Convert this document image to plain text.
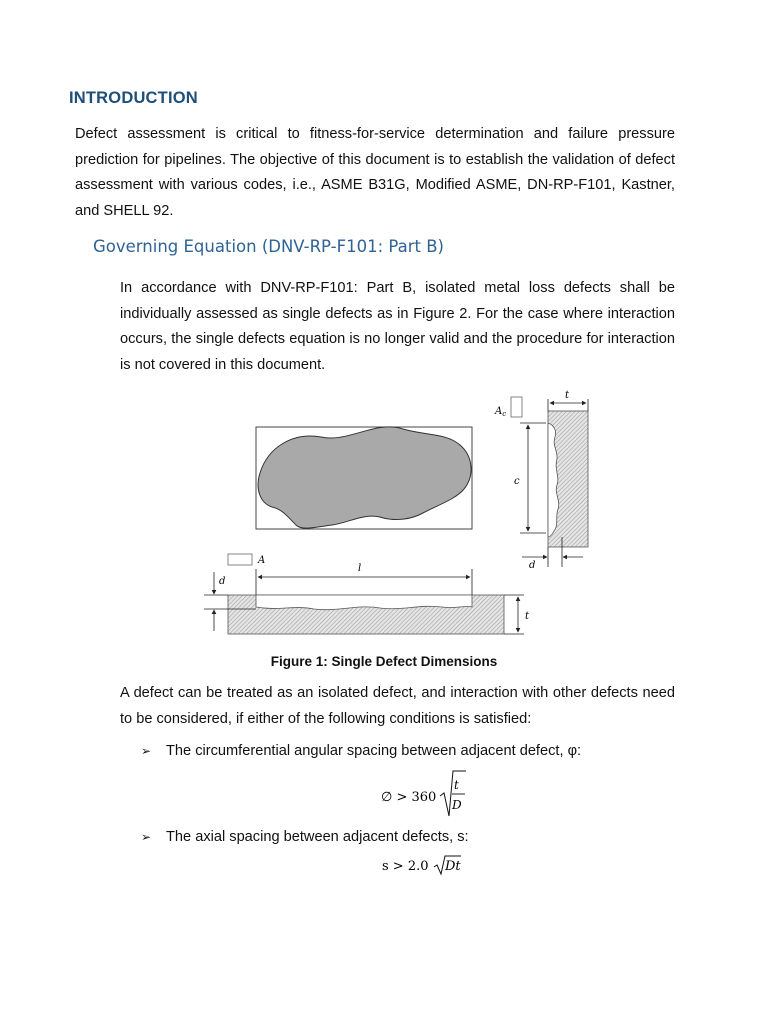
INTRODUCTION

Defect assessment is critical to fitness-for-service determination and failure pressure prediction for pipelines. The objective of this document is to establish the validation of defect assessment with various codes, i.e., ASME B31G, Modified ASME, DN-RP-F101, Kastner, and SHELL 92.

Governing Equation (DNV-RP-F101: Part B)

In accordance with DNV-RP-F101: Part B, isolated metal loss defects shall be individually assessed as single defects as in Figure 2. For the case where interaction occurs, the single defects equation is no longer valid and the procedure for interaction is not covered in this document.

$A_c$
t
c
d
A
l
d
t
Figure 1: Single Defect Dimensions

A defect can be treated as an isolated defect, and interaction with other defects need to be considered, if either of the following conditions is satisfied:

➢ The circumferential angular spacing between adjacent defect, φ:
∅ > 360
t
D
➢ The axial spacing between adjacent defects, s:
s > 2.0 Dt
